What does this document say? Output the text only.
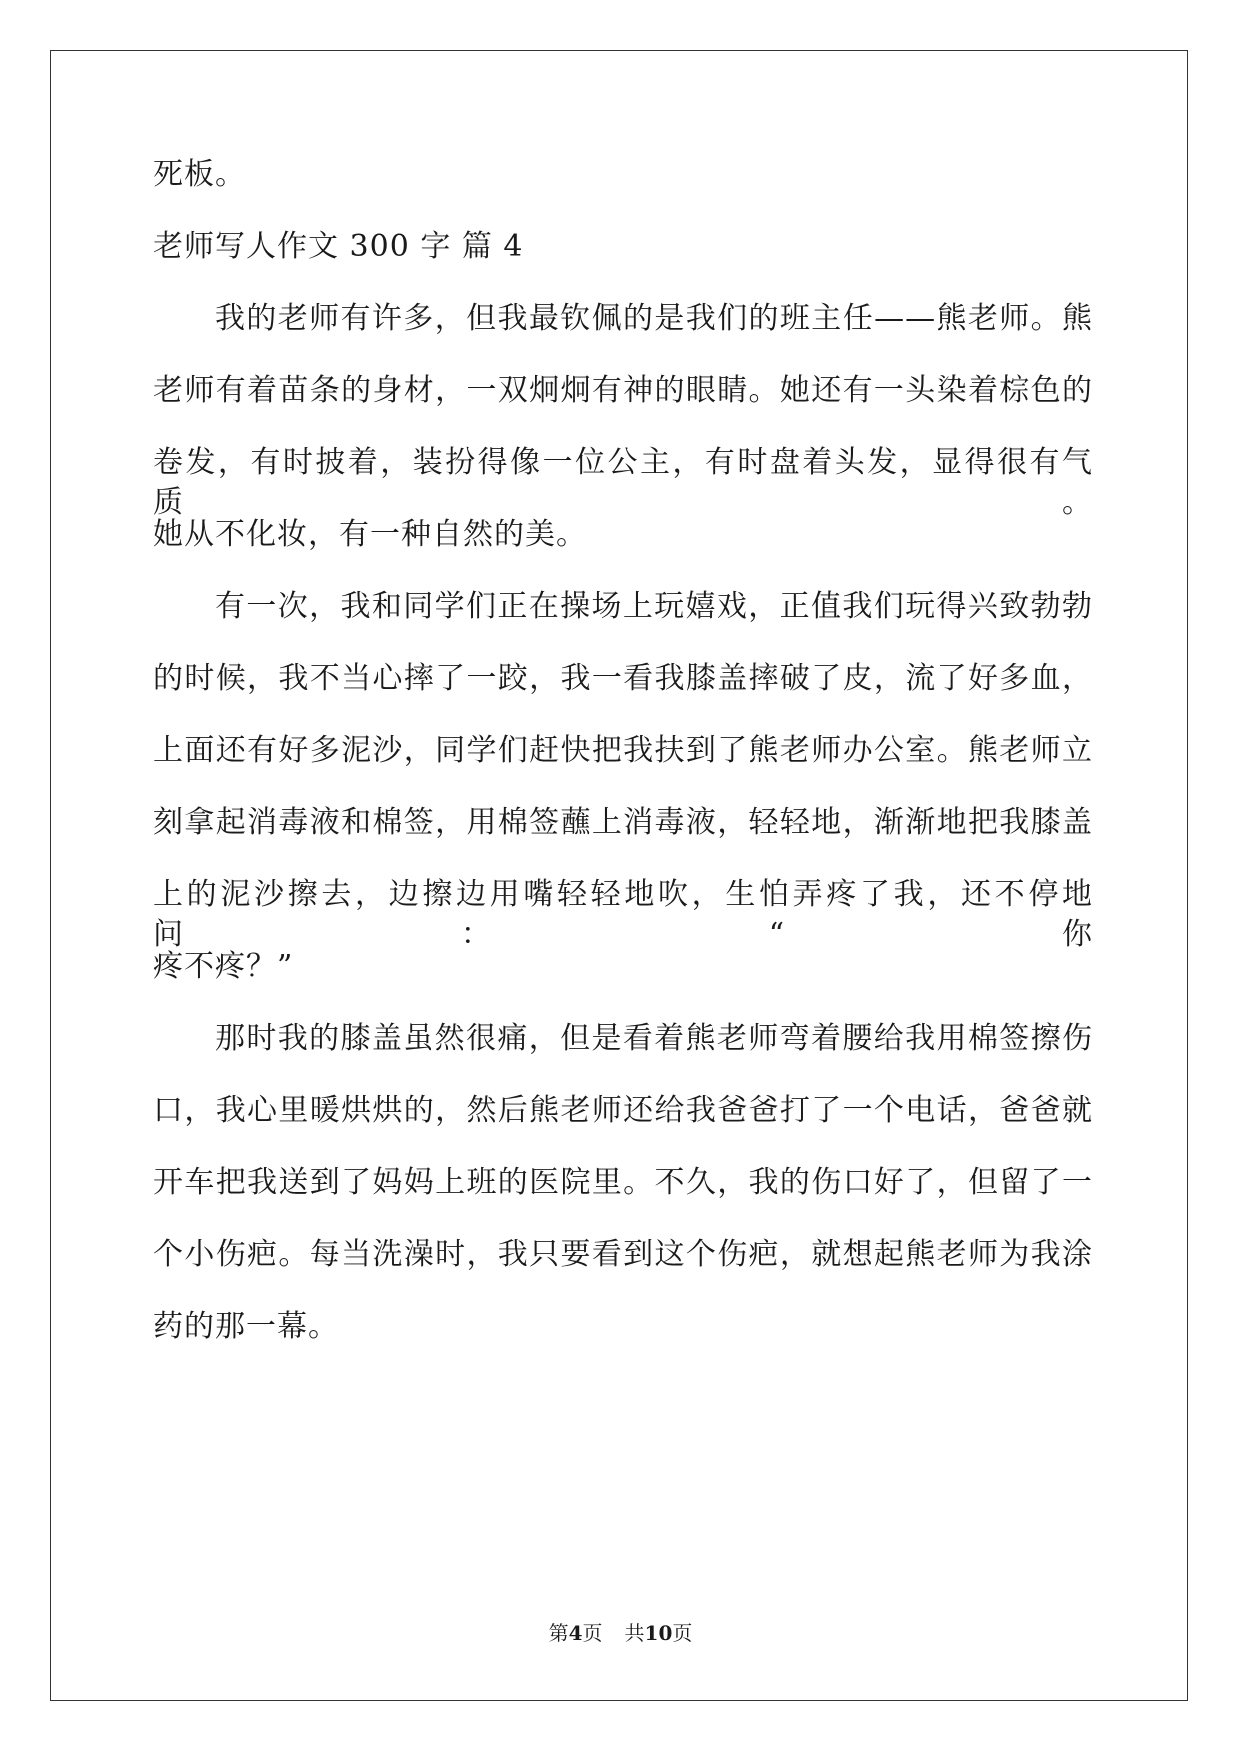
死板。
老师写人作文 300 字 篇 4
我的老师有许多，但我最钦佩的是我们的班主任——熊老师。熊
老师有着苗条的身材，一双炯炯有神的眼睛。她还有一头染着棕色的
卷发，有时披着，装扮得像一位公主，有时盘着头发，显得很有气质。
她从不化妆，有一种自然的美。
有一次，我和同学们正在操场上玩嬉戏，正值我们玩得兴致勃勃
的时候，我不当心摔了一跤，我一看我膝盖摔破了皮，流了好多血，
上面还有好多泥沙，同学们赶快把我扶到了熊老师办公室。熊老师立
刻拿起消毒液和棉签，用棉签蘸上消毒液，轻轻地，渐渐地把我膝盖
上的泥沙擦去，边擦边用嘴轻轻地吹，生怕弄疼了我，还不停地问：“你
疼不疼？”
那时我的膝盖虽然很痛，但是看着熊老师弯着腰给我用棉签擦伤
口，我心里暖烘烘的，然后熊老师还给我爸爸打了一个电话，爸爸就
开车把我送到了妈妈上班的医院里。不久，我的伤口好了，但留了一
个小伤疤。每当洗澡时，我只要看到这个伤疤，就想起熊老师为我涂
药的那一幕。
第4页 共10页
